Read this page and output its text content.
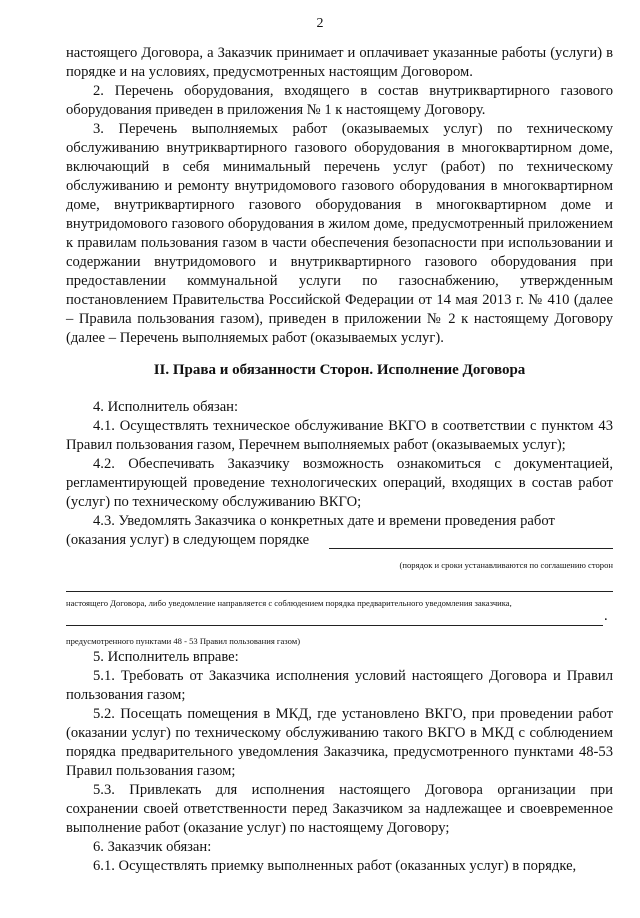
2

настоящего Договора, а Заказчик принимает и оплачивает указанные работы (услуги) в порядке и на условиях, предусмотренных настоящим Договором.

2. Перечень оборудования, входящего в состав внутриквартирного газового оборудования приведен в приложения № 1 к настоящему Договору.

3. Перечень выполняемых работ (оказываемых услуг) по техническому обслуживанию внутриквартирного газового оборудования в многоквартирном доме, включающий в себя минимальный перечень услуг (работ) по техническому обслуживанию и ремонту внутридомового газового оборудования в многоквартирном доме, внутриквартирного газового оборудования в многоквартирном доме и внутридомового газового оборудования в жилом доме, предусмотренный приложением к правилам пользования газом в части обеспечения безопасности при использовании и содержании внутридомового и внутриквартирного газового оборудования при предоставлении коммунальной услуги по газоснабжению, утвержденным постановлением Правительства Российской Федерации от 14 мая 2013 г. № 410 (далее – Правила пользования газом), приведен в приложении № 2 к настоящему Договору (далее – Перечень выполняемых работ (оказываемых услуг).

II. Права и обязанности Сторон. Исполнение Договора

4. Исполнитель обязан:

4.1. Осуществлять техническое обслуживание ВКГО в соответствии с пунктом 43 Правил пользования газом, Перечнем выполняемых работ (оказываемых услуг);

4.2. Обеспечивать Заказчику возможность ознакомиться с документацией, регламентирующей проведение технологических операций, входящих в состав работ (услуг) по техническому обслуживанию ВКГО;

4.3. Уведомлять Заказчика о конкретных дате и времени проведения работ

(оказания услуг) в следующем порядке
(порядок и сроки устанавливаются по соглашению сторон
настоящего Договора, либо уведомление направляется с соблюдением порядка предварительного уведомления заказчика,
.
предусмотренного пунктами 48 - 53 Правил пользования газом)

5. Исполнитель вправе:

5.1. Требовать от Заказчика исполнения условий настоящего Договора и Правил пользования газом;

5.2. Посещать помещения в МКД, где установлено ВКГО, при проведении работ (оказании услуг) по техническому обслуживанию такого ВКГО в МКД с соблюдением порядка предварительного уведомления Заказчика, предусмотренного пунктами 48-53 Правил пользования газом;

5.3. Привлекать для исполнения настоящего Договора организации при сохранении своей ответственности перед Заказчиком за надлежащее и своевременное выполнение работ (оказание услуг) по настоящему Договору;

6. Заказчик обязан:

6.1. Осуществлять приемку выполненных работ (оказанных услуг) в порядке,
